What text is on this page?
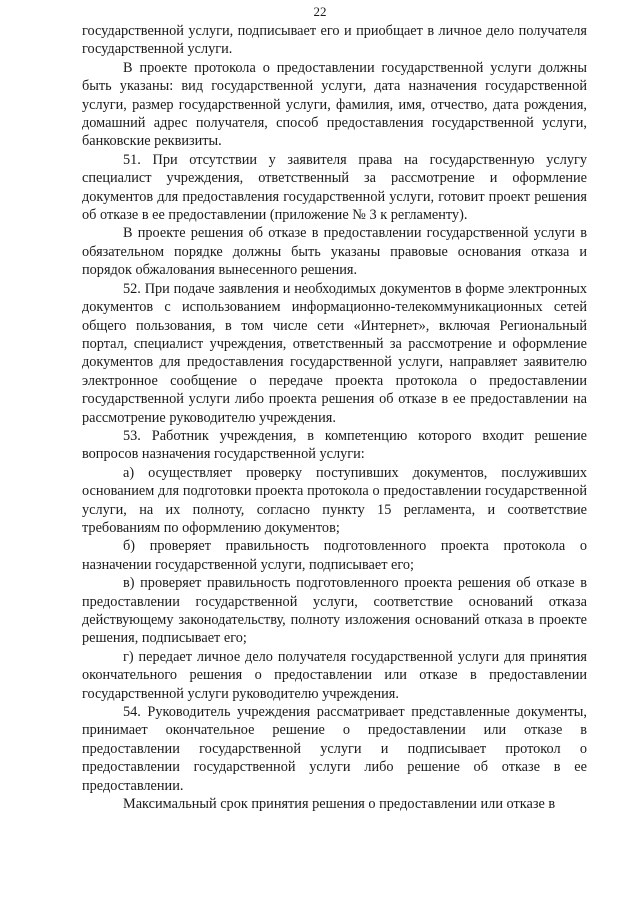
22

государственной услуги, подписывает его и приобщает в личное дело получателя государственной услуги.

В проекте протокола о предоставлении государственной услуги должны быть указаны: вид государственной услуги, дата назначения государственной услуги, размер государственной услуги, фамилия, имя, отчество, дата рождения, домашний адрес получателя, способ предоставления государственной услуги, банковские реквизиты.

51. При отсутствии у заявителя права на государственную услугу специалист учреждения, ответственный за рассмотрение и оформление документов для предоставления государственной услуги, готовит проект решения об отказе в ее предоставлении (приложение № 3 к регламенту).

В проекте решения об отказе в предоставлении государственной услуги в обязательном порядке должны быть указаны правовые основания отказа и порядок обжалования вынесенного решения.

52. При подаче заявления и необходимых документов в форме электронных документов с использованием информационно-телекоммуникационных сетей общего пользования, в том числе сети «Интернет», включая Региональный портал, специалист учреждения, ответственный за рассмотрение и оформление документов для предоставления государственной услуги, направляет заявителю электронное сообщение о передаче проекта протокола о предоставлении государственной услуги либо проекта решения об отказе в ее предоставлении на рассмотрение руководителю учреждения.

53. Работник учреждения, в компетенцию которого входит решение вопросов назначения государственной услуги:

а) осуществляет проверку поступивших документов, послуживших основанием для подготовки проекта протокола о предоставлении государственной услуги, на их полноту, согласно пункту 15 регламента, и соответствие требованиям по оформлению документов;

б) проверяет правильность подготовленного проекта протокола о назначении государственной услуги, подписывает его;

в) проверяет правильность подготовленного проекта решения об отказе в предоставлении государственной услуги, соответствие оснований отказа действующему законодательству, полноту изложения оснований отказа в проекте решения, подписывает его;

г) передает личное дело получателя государственной услуги для принятия окончательного решения о предоставлении или отказе в предоставлении государственной услуги руководителю учреждения.

54. Руководитель учреждения рассматривает представленные документы, принимает окончательное решение о предоставлении или отказе в предоставлении государственной услуги и подписывает протокол о предоставлении государственной услуги либо решение об отказе в ее предоставлении.

Максимальный срок принятия решения о предоставлении или отказе в
